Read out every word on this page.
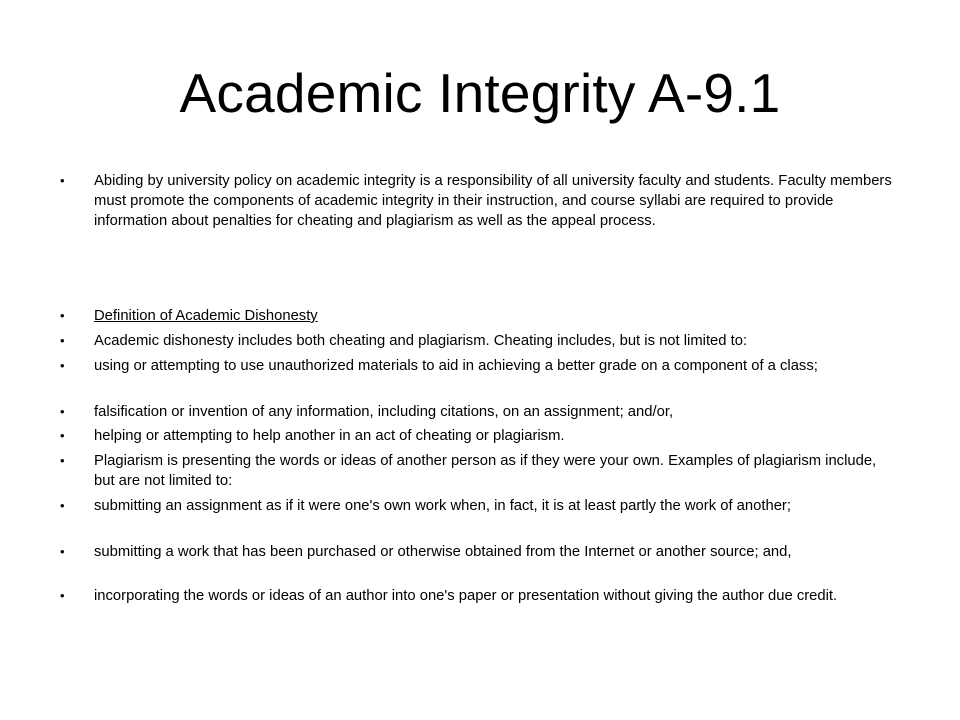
Academic Integrity A-9.1
• Abiding by university policy on academic integrity is a responsibility of all university faculty and students. Faculty members must promote the components of academic integrity in their instruction, and course syllabi are required to provide information about penalties for cheating and plagiarism as well as the appeal process.
• Definition of Academic Dishonesty
• Academic dishonesty includes both cheating and plagiarism. Cheating includes, but is not limited to:
• using or attempting to use unauthorized materials to aid in achieving a better grade on a component of a class;
• falsification or invention of any information, including citations, on an assignment; and/or,
• helping or attempting to help another in an act of cheating or plagiarism.
• Plagiarism is presenting the words or ideas of another person as if they were your own. Examples of plagiarism include, but are not limited to:
• submitting an assignment as if it were one's own work when, in fact, it is at least partly the work of another;
• submitting a work that has been purchased or otherwise obtained from the Internet or another source; and,
• incorporating the words or ideas of an author into one's paper or presentation without giving the author due credit.
